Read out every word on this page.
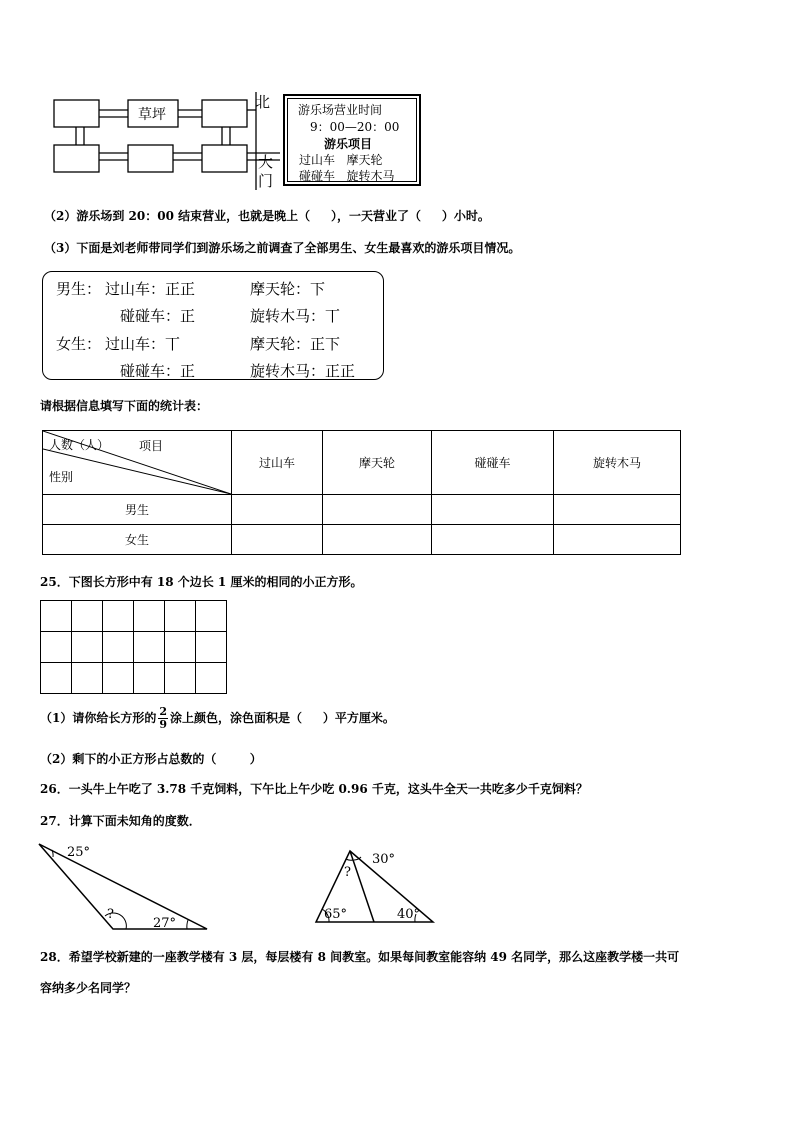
草坪
北
大
门
游乐场营业时间
9：00—20：00
游乐项目
过山车   摩天轮
碰碰车   旋转木马
（2）游乐场到 20：00 结束营业，也就是晚上（     ），一天营业了（     ）小时。
（3）下面是刘老师带同学们到游乐场之前调查了全部男生、女生最喜欢的游乐项目情况。
男生： 过山车：正正	摩天轮：下
碰碰车：正	旋转木马：丅
女生： 过山车：丅	摩天轮：正下
碰碰车：正	旋转木马：正正
请根据信息填写下面的统计表：
人数（人） 项目
性别	过山车	摩天轮	碰碰车	旋转木马
男生				
女生				
25．下图长方形中有 18 个边长 1 厘米的相同的小正方形。

（1）请你给长方形的 $\frac{2}{9}$ 涂上颜色，涂色面积是（     ）平方厘米。
（2）剩下的小正方形占总数的（        ）
26．一头牛上午吃了 3.78 千克饲料，下午比上午少吃 0.96 千克，这头牛全天一共吃多少千克饲料？
27．计算下面未知角的度数．
25°
?
27°
30°
?
65°	40°
28．希望学校新建的一座教学楼有 3 层，每层楼有 8 间教室。如果每间教室能容纳 49 名同学，那么这座教学楼一共可
容纳多少名同学？
